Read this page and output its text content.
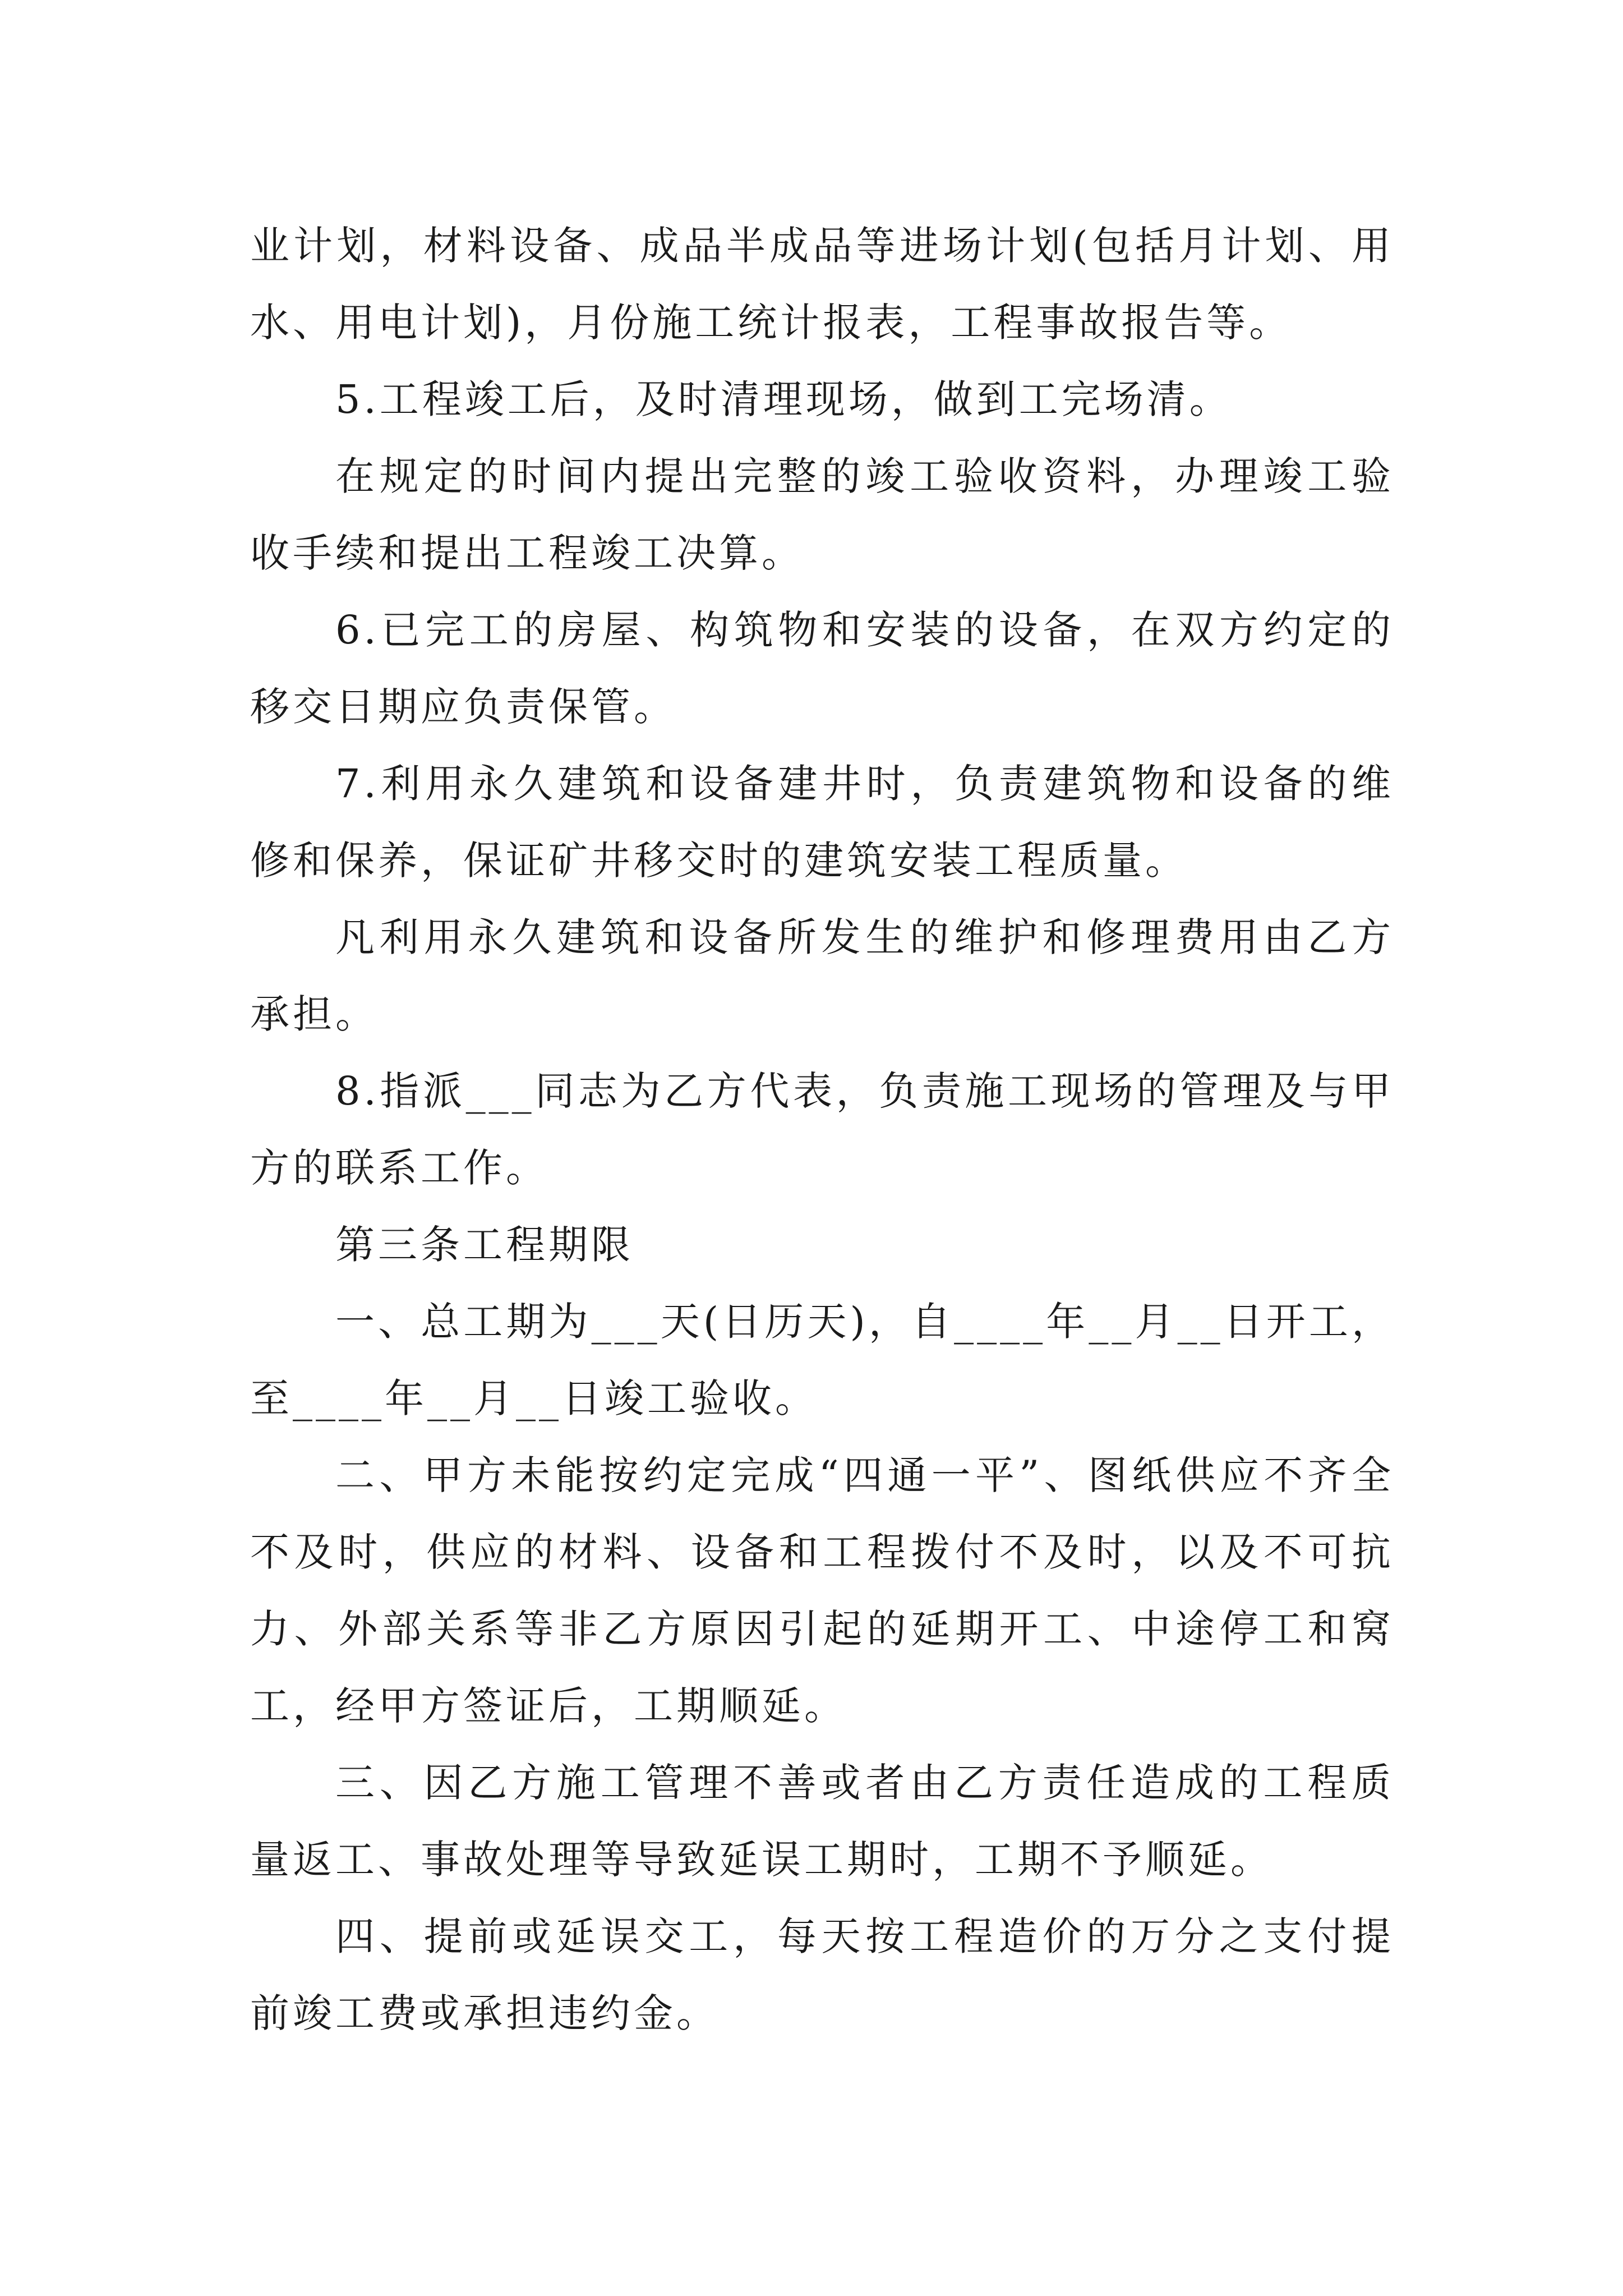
业计划，材料设备、成品半成品等进场计划(包括月计划、用水、用电计划)，月份施工统计报表，工程事故报告等。

5.工程竣工后，及时清理现场，做到工完场清。

在规定的时间内提出完整的竣工验收资料，办理竣工验收手续和提出工程竣工决算。

6.已完工的房屋、构筑物和安装的设备，在双方约定的移交日期应负责保管。

7.利用永久建筑和设备建井时，负责建筑物和设备的维修和保养，保证矿井移交时的建筑安装工程质量。

凡利用永久建筑和设备所发生的维护和修理费用由乙方承担。

8.指派___同志为乙方代表，负责施工现场的管理及与甲方的联系工作。

第三条工程期限

一、总工期为___天(日历天)，自____年__月__日开工，至____年__月__日竣工验收。

二、甲方未能按约定完成“四通一平”、图纸供应不齐全不及时，供应的材料、设备和工程拨付不及时，以及不可抗力、外部关系等非乙方原因引起的延期开工、中途停工和窝工，经甲方签证后，工期顺延。

三、因乙方施工管理不善或者由乙方责任造成的工程质量返工、事故处理等导致延误工期时，工期不予顺延。

四、提前或延误交工，每天按工程造价的万分之支付提前竣工费或承担违约金。
